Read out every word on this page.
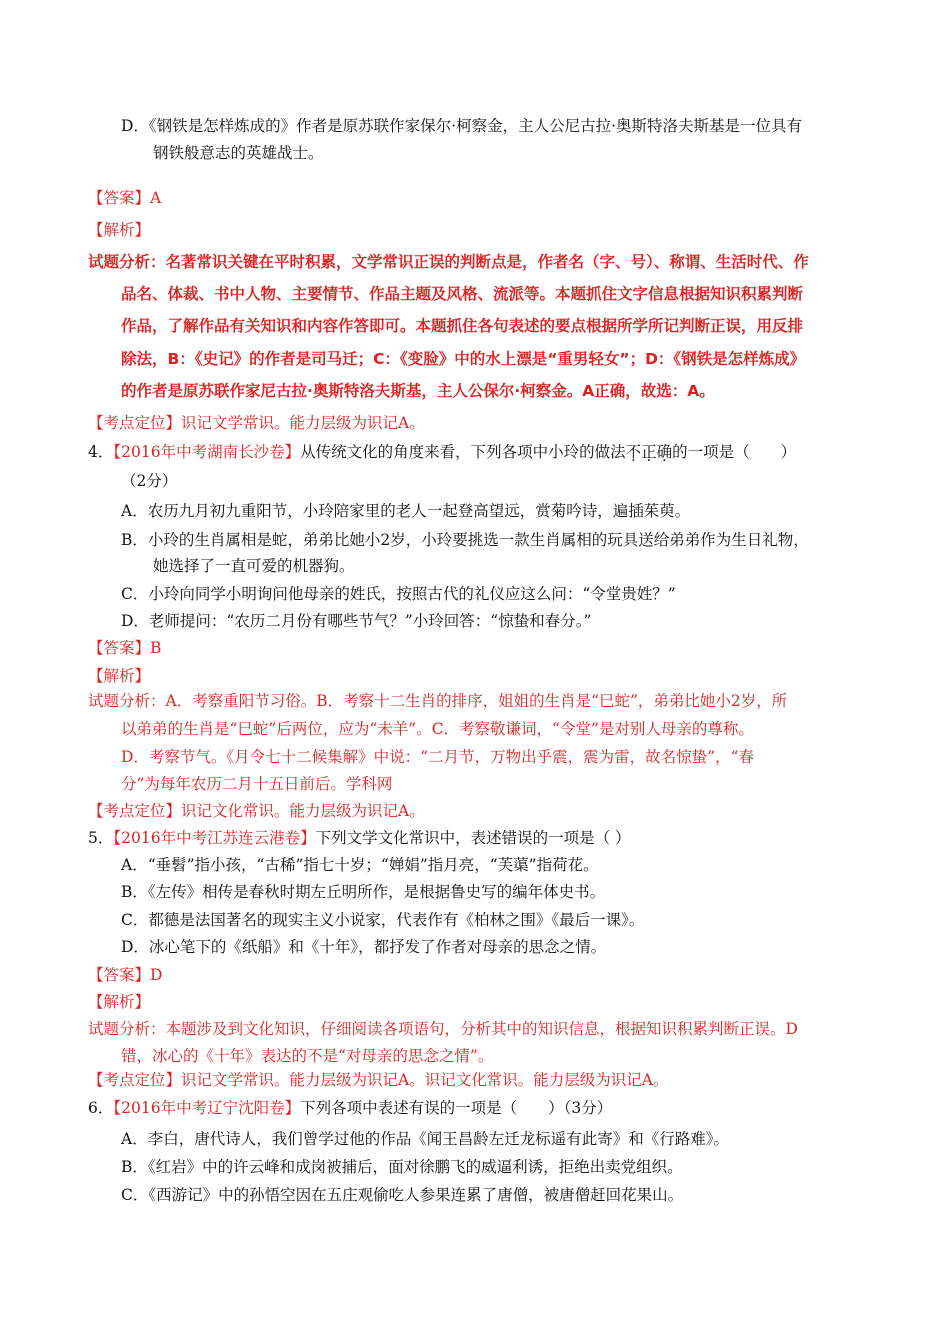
D．《钢铁是怎样炼成的》作者是原苏联作家保尔·柯察金，主人公尼古拉·奥斯特洛夫斯基是一位具有
钢铁般意志的英雄战士。
【答案】A
【解析】
试题分析：名著常识关键在平时积累，文学常识正误的判断点是，作者名（字、号）、称谓、生活时代、作
品名、体裁、书中人物、主要情节、作品主题及风格、流派等。本题抓住文字信息根据知识积累判断
作品，了解作品有关知识和内容作答即可。本题抓住各句表述的要点根据所学所记判断正误，用反排
除法，B：《史记》的作者是司马迁；C：《变脸》中的水上漂是“重男轻女”；D：《钢铁是怎样炼成》
的作者是原苏联作家尼古拉·奥斯特洛夫斯基，主人公保尔·柯察金。A正确，故选：A。
【考点定位】识记文学常识。能力层级为识记A。
4．【2016年中考湖南长沙卷】从传统文化的角度来看，下列各项中小玲的做法不正确的一项是（　　）
（2分）
A．农历九月初九重阳节，小玲陪家里的老人一起登高望远，赏菊吟诗，遍插茱萸。
B．小玲的生肖属相是蛇，弟弟比她小2岁，小玲要挑选一款生肖属相的玩具送给弟弟作为生日礼物，
她选择了一直可爱的机器狗。
C．小玲向同学小明询问他母亲的姓氏，按照古代的礼仪应这么问：“令堂贵姓？”
D．老师提问：“农历二月份有哪些节气？”小玲回答：“惊蛰和春分。”
【答案】B
【解析】
试题分析：A．考察重阳节习俗。B．考察十二生肖的排序，姐姐的生肖是“巳蛇”，弟弟比她小2岁，所
以弟弟的生肖是“巳蛇”后两位，应为“未羊”。C．考察敬谦词，“令堂”是对别人母亲的尊称。
D．考察节气。《月令七十二候集解》中说：“二月节，万物出乎震，震为雷，故名惊蛰”，“春
分”为每年农历二月十五日前后。学科网
【考点定位】识记文化常识。能力层级为识记A。
5．【2016年中考江苏连云港卷】下列文学文化常识中，表述错误的一项是（ ）
A．“垂髫”指小孩，“古稀”指七十岁；“婵娟”指月亮，“芙蕖”指荷花。
B．《左传》相传是春秋时期左丘明所作，是根据鲁史写的编年体史书。
C．都德是法国著名的现实主义小说家，代表作有《柏林之围》《最后一课》。
D．冰心笔下的《纸船》和《十年》，都抒发了作者对母亲的思念之情。
【答案】D
【解析】
试题分析：本题涉及到文化知识，仔细阅读各项语句，分析其中的知识信息，根据知识积累判断正误。D
错，冰心的《十年》表达的不是“对母亲的思念之情”。
【考点定位】识记文学常识。能力层级为识记A。识记文化常识。能力层级为识记A。
6．【2016年中考辽宁沈阳卷】下列各项中表述有误的一项是（　　）（3分）
A．李白，唐代诗人，我们曾学过他的作品《闻王昌龄左迁龙标遥有此寄》和《行路难》。
B．《红岩》中的许云峰和成岗被捕后，面对徐鹏飞的威逼利诱，拒绝出卖党组织。
C．《西游记》中的孙悟空因在五庄观偷吃人参果连累了唐僧，被唐僧赶回花果山。
